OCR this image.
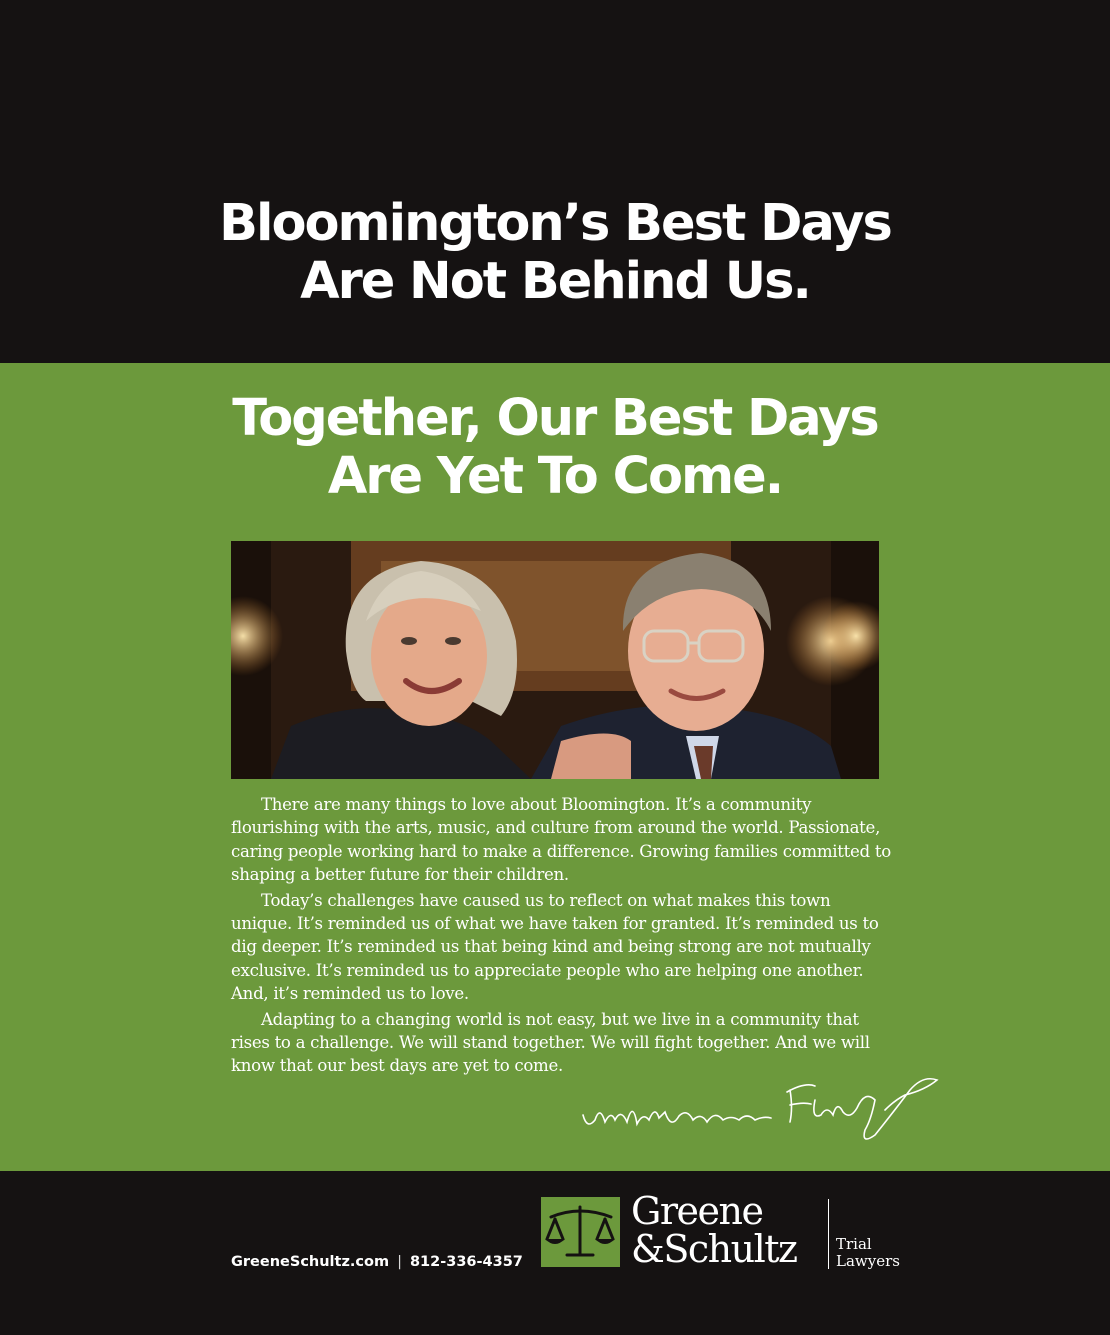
Bloomington’s Best Days
Are Not Behind Us.
Together, Our Best Days
Are Yet To Come.

There are many things to love about Bloomington. It’s a community flourishing with the arts, music, and culture from around the world. Passionate, caring people working hard to make a difference. Growing families committed to shaping a better future for their children.

Today’s challenges have caused us to reflect on what makes this town unique. It’s reminded us of what we have taken for granted. It’s reminded us to dig deeper. It’s reminded us that being kind and being strong are not mutually exclusive. It’s reminded us to appreciate people who are helping one another. And, it’s reminded us to love.

Adapting to a changing world is not easy, but we live in a community that rises to a challenge. We will stand together. We will fight together. And we will know that our best days are yet to come.

GreeneSchultz.com | 812-336-4357
Greene
&Schultz	Trial
Lawyers
